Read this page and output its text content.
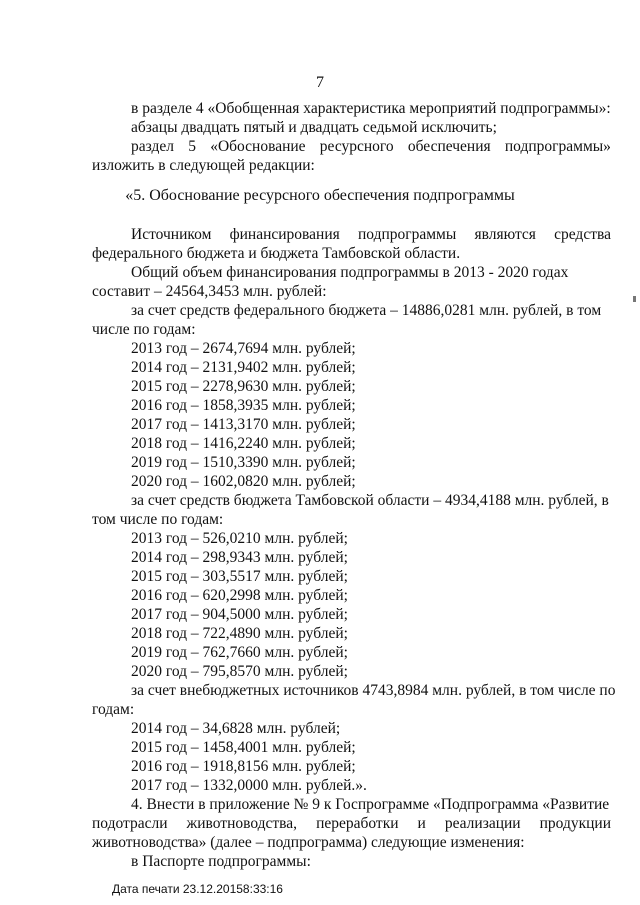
7
в разделе 4 «Обобщенная характеристика мероприятий подпрограммы»:
абзацы двадцать пятый и двадцать седьмой исключить;
раздел 5 «Обоснование ресурсного обеспечения подпрограммы»
изложить в следующей редакции:
«5. Обоснование ресурсного обеспечения подпрограммы
Источником финансирования подпрограммы являются средства
федерального бюджета и бюджета Тамбовской области.
Общий объем финансирования подпрограммы в 2013 - 2020 годах
составит – 24564,3453 млн. рублей:
за счет средств федерального бюджета – 14886,0281 млн. рублей, в том
числе по годам:
2013 год – 2674,7694 млн. рублей;
2014 год – 2131,9402 млн. рублей;
2015 год – 2278,9630 млн. рублей;
2016 год – 1858,3935 млн. рублей;
2017 год – 1413,3170 млн. рублей;
2018 год – 1416,2240 млн. рублей;
2019 год – 1510,3390 млн. рублей;
2020 год – 1602,0820 млн. рублей;
за счет средств бюджета Тамбовской области – 4934,4188 млн. рублей, в
том числе по годам:
2013 год – 526,0210 млн. рублей;
2014 год – 298,9343 млн. рублей;
2015 год – 303,5517 млн. рублей;
2016 год – 620,2998 млн. рублей;
2017 год – 904,5000 млн. рублей;
2018 год – 722,4890 млн. рублей;
2019 год – 762,7660 млн. рублей;
2020 год – 795,8570 млн. рублей;
за счет внебюджетных источников 4743,8984 млн. рублей, в том числе по
годам:
2014 год – 34,6828 млн. рублей;
2015 год – 1458,4001 млн. рублей;
2016 год – 1918,8156 млн. рублей;
2017 год – 1332,0000 млн. рублей.».
4. Внести в приложение № 9 к Госпрограмме «Подпрограмма «Развитие
подотрасли животноводства, переработки и реализации продукции
животноводства» (далее – подпрограмма) следующие изменения:
в Паспорте подпрограммы:
Дата печати 23.12.20158:33:16
